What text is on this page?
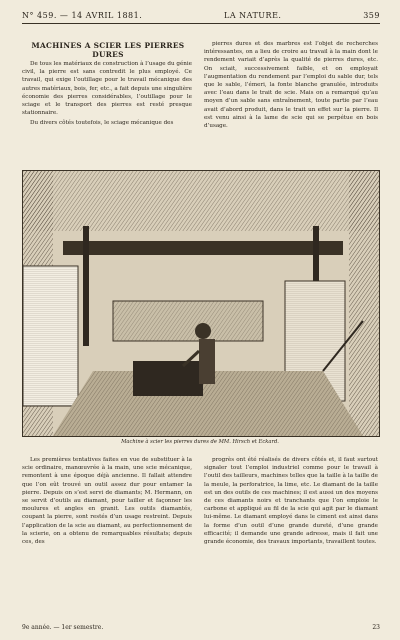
N° 459. — 14 AVRIL 1881.	LA NATURE.	359
MACHINES A SCIER LES PIERRES DURES

De tous les matériaux de construction à l’usage du génie civil, la pierre est sans contredit le plus employé. Ce travail, qui exige l’outillage pour le travail mécanique des autres matériaux, bois, fer, etc., a fait depuis une singulière économie des pierres considérables, l’outillage pour le sciage et le transport des pierres est resté presque stationnaire.

Du divers côtés toutefois, le sciage mécanique des

pierres dures et des marbres est l’objet de recherches intéressantes, on a lieu de croire au travail à la main dont le rendement variait d’après la qualité de pierres dures, etc. On sciait, successivement faible, et on employait l’augmentation du rendement par l’emploi du sable dur, tels que le sable, l’émeri, la fonte blanche granulée, introduits avec l’eau dans le trait de scie. Mais on a remarqué qu’au moyen d’un sable sans entraînement, toute partie par l’eau avait d’abord produit, dans le trait un effet sur la pierre. Il est venu ainsi à la lame de scie qui se perpétue en bois d’usage.

Machine à scier les pierres dures de MM. Hirsch et Eckard.

Les premières tentatives faites en vue de substituer à la scie ordinaire, manœuvrée à la main, une scie mécanique, remontent à une époque déjà ancienne. Il fallait attendre que l’on eût trouvé un outil assez dur pour entamer la pierre. Depuis on s’est servi de diamants; M. Hermann, on se servit d’outils au diamant, pour tailler et façonner les moulures et angles en granit. Les outils diamantés, coupant la pierre, sont restés d’un usage restreint. Depuis l’application de la scie au diamant, au perfectionnement de la scierie, on a obtenu de remarquables résultats; depuis ces, des

progrès ont été réalisés de divers côtés et, il faut surtout signaler tout l’emploi industriel comme pour le travail à l’outil des tailleurs, machines telles que la taille à la taille de la meule, la perforatrice, la lime, etc. Le diamant de la taille est un des outils de ces machines; il est aussi un des moyens de ces diamants noirs et tranchants que l’on emploie le carbone et appliqué au fil de la scie qui agit par le diamant lui-même. Le diamant employé dans le ciment est ainsi dans la forme d’un outil d’une grande dureté, d’une grande efficacité; il demande une grande adresse, mais il fait une grande économie, des travaux importants, travaillent toutes.

9e année. — 1er semestre.	23
